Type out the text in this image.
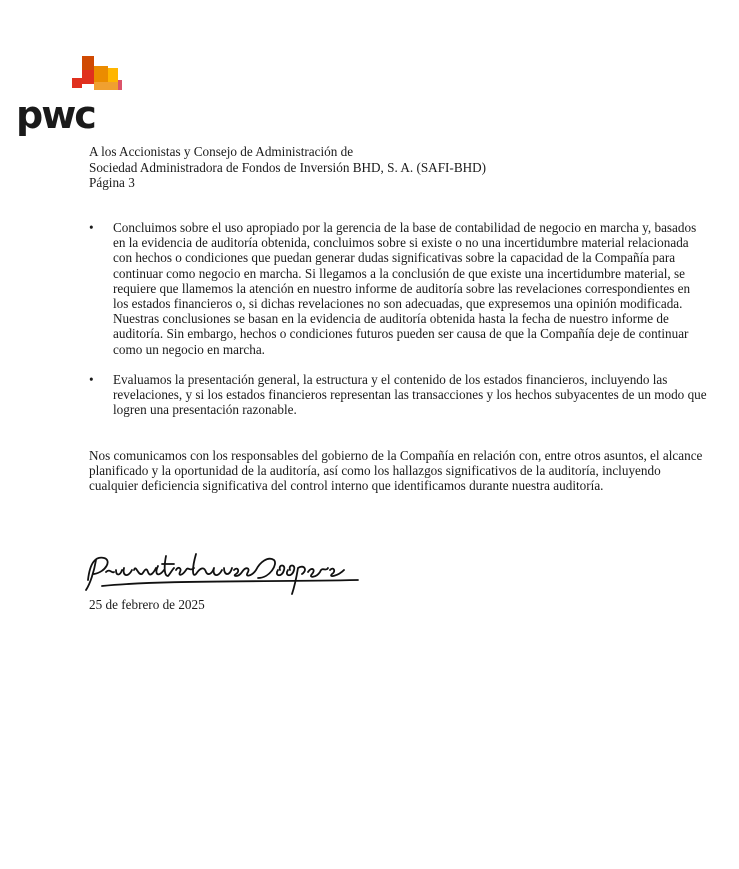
pwc
A los Accionistas y Consejo de Administración de
Sociedad Administradora de Fondos de Inversión BHD, S. A. (SAFI-BHD)
Página 3
• Concluimos sobre el uso apropiado por la gerencia de la base de contabilidad de negocio en marcha y, basados en la evidencia de auditoría obtenida, concluimos sobre si existe o no una incertidumbre material relacionada con hechos o condiciones que puedan generar dudas significativas sobre la capacidad de la Compañía para continuar como negocio en marcha. Si llegamos a la conclusión de que existe una incertidumbre material, se requiere que llamemos la atención en nuestro informe de auditoría sobre las revelaciones correspondientes en los estados financieros o, si dichas revelaciones no son adecuadas, que expresemos una opinión modificada. Nuestras conclusiones se basan en la evidencia de auditoría obtenida hasta la fecha de nuestro informe de auditoría. Sin embargo, hechos o condiciones futuros pueden ser causa de que la Compañía deje de continuar como un negocio en marcha.
• Evaluamos la presentación general, la estructura y el contenido de los estados financieros, incluyendo las revelaciones, y si los estados financieros representan las transacciones y los hechos subyacentes de un modo que logren una presentación razonable.
Nos comunicamos con los responsables del gobierno de la Compañía en relación con, entre otros asuntos, el alcance planificado y la oportunidad de la auditoría, así como los hallazgos significativos de la auditoría, incluyendo cualquier deficiencia significativa del control interno que identificamos durante nuestra auditoría.
25 de febrero de 2025
